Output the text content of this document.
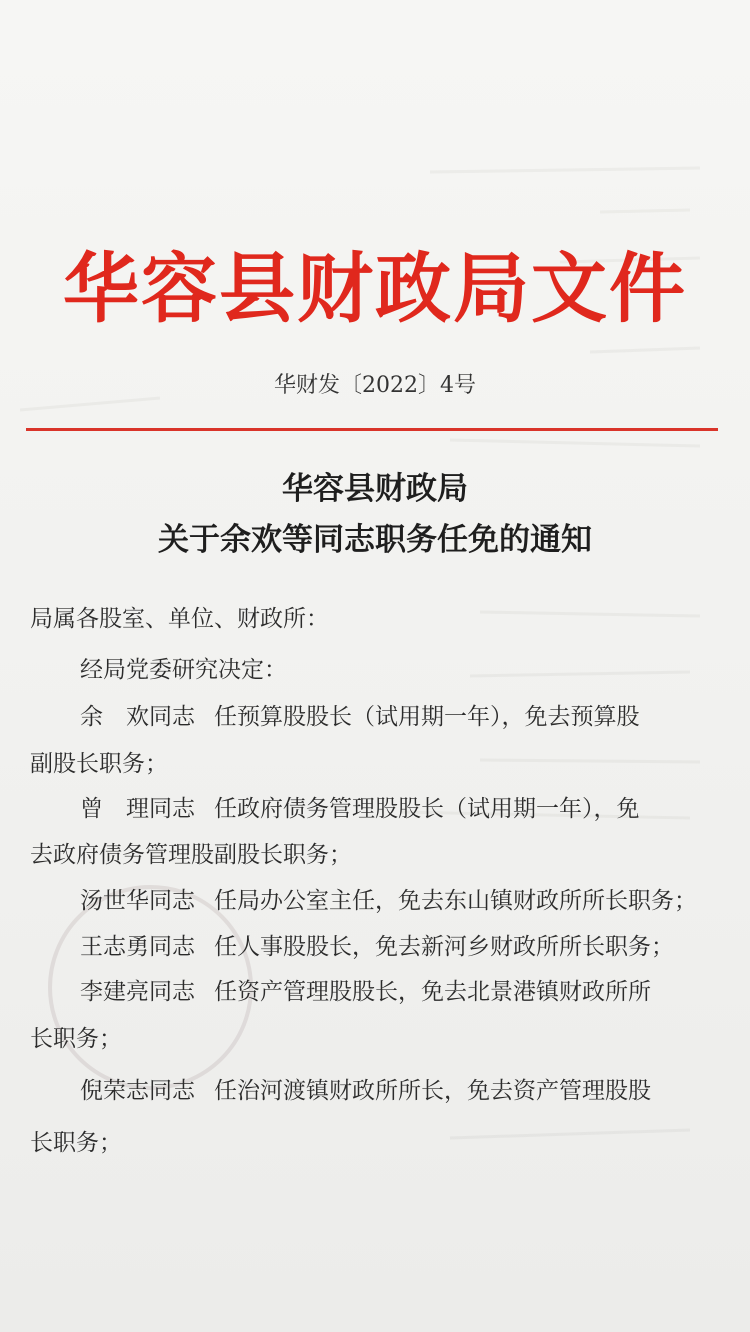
华容县财政局文件
华财发〔2022〕4号
华容县财政局
关于余欢等同志职务任免的通知
局属各股室、单位、财政所：
经局党委研究决定：
余　欢同志 任预算股股长（试用期一年），免去预算股
副股长职务；
曾　理同志 任政府债务管理股股长（试用期一年），免
去政府债务管理股副股长职务；
汤世华同志 任局办公室主任，免去东山镇财政所所长职务；
王志勇同志 任人事股股长，免去新河乡财政所所长职务；
李建亮同志 任资产管理股股长，免去北景港镇财政所所
长职务；
倪荣志同志 任治河渡镇财政所所长，免去资产管理股股
长职务；
